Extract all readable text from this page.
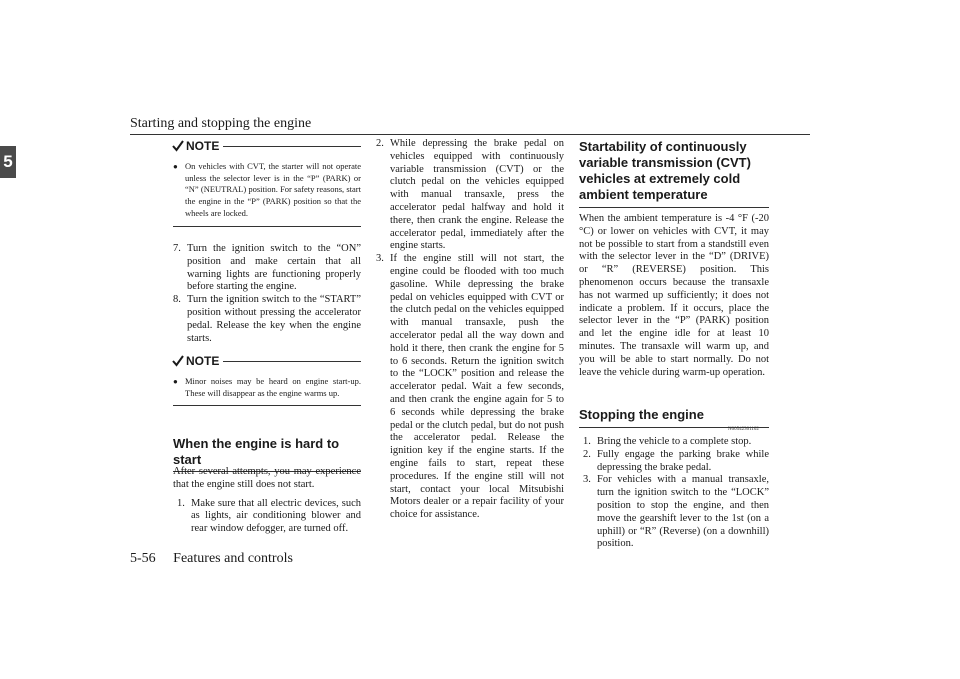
Starting and stopping the engine
5
NOTE
● On vehicles with CVT, the starter will not operate unless the selector lever is in the “P” (PARK) or “N” (NEUTRAL) position. For safety reasons, start the engine in the “P” (PARK) position so that the wheels are locked.
7. Turn the ignition switch to the “ON” position and make certain that all warning lights are functioning properly before starting the engine.
8. Turn the ignition switch to the “START” position without pressing the accelerator pedal. Release the key when the engine starts.
NOTE
● Minor noises may be heard on engine start-up. These will disappear as the engine warms up.
When the engine is hard to start
After several attempts, you may experience that the engine still does not start.
1. Make sure that all electric devices, such as lights, air conditioning blower and rear window defogger, are turned off.
2. While depressing the brake pedal on vehicles equipped with continuously variable transmission (CVT) or the clutch pedal on the vehicles equipped with manual transaxle, press the accelerator pedal halfway and hold it there, then crank the engine. Release the accelerator pedal, immediately after the engine starts.
3. If the engine still will not start, the engine could be flooded with too much gasoline. While depressing the brake pedal on vehicles equipped with CVT or the clutch pedal on the vehicles equipped with manual transaxle, push the accelerator pedal all the way down and hold it there, then crank the engine for 5 to 6 seconds. Return the ignition switch to the “LOCK” position and release the accelerator pedal. Wait a few seconds, and then crank the engine again for 5 to 6 seconds while depressing the brake pedal or the clutch pedal, but do not push the accelerator pedal. Release the ignition key if the engine starts. If the engine fails to start, repeat these procedures. If the engine still will not start, contact your local Mitsubishi Motors dealer or a repair facility of your choice for assistance.
Startability of continuously variable transmission (CVT) vehicles at extremely cold ambient temperature
When the ambient temperature is -4 °F (-20 °C) or lower on vehicles with CVT, it may not be possible to start from a standstill even with the selector lever in the “D” (DRIVE) or “R” (REVERSE) position. This phenomenon occurs because the transaxle has not warmed up sufficiently; it does not indicate a problem. If it occurs, place the selector lever in the “P” (PARK) position and let the engine idle for at least 10 minutes. The transaxle will warm up, and you will be able to start normally. Do not leave the vehicle during warm-up operation.
Stopping the engine
N00542301102
1. Bring the vehicle to a complete stop.
2. Fully engage the parking brake while depressing the brake pedal.
3. For vehicles with a manual transaxle, turn the ignition switch to the “LOCK” position to stop the engine, and then move the gearshift lever to the 1st (on a uphill) or “R” (Reverse) (on a downhill) position.
5-56 Features and controls
